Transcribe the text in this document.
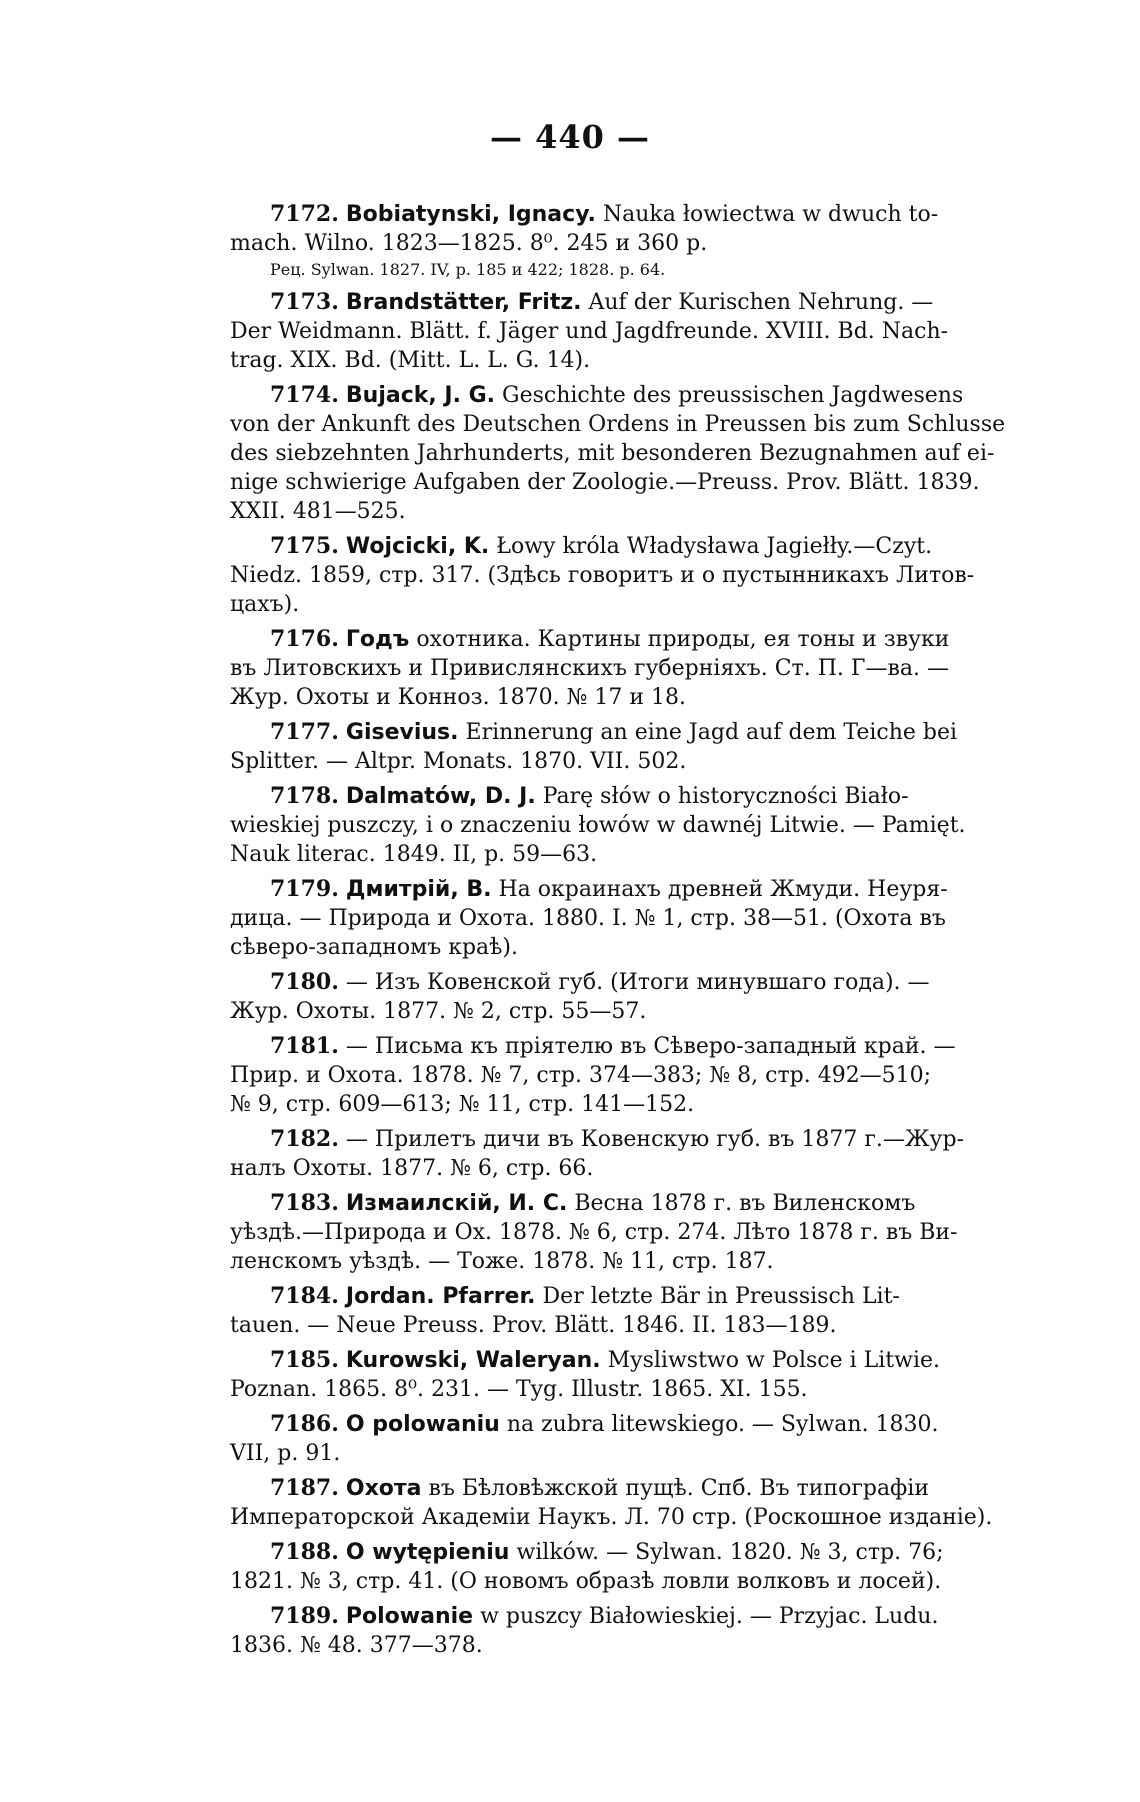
— 440 —
7172. Bobiatynski, Ignacy. Nauka łowiectwa w dwuch to-
mach. Wilno. 1823—1825. 8⁰. 245 и 360 р.
Рец. Sylwan. 1827. IV, р. 185 и 422; 1828. р. 64.
7173. Brandstätter, Fritz. Auf der Kurischen Nehrung. —
Der Weidmann. Blätt. f. Jäger und Jagdfreunde. XVIII. Bd. Nach-
trag. XIX. Bd. (Mitt. L. L. G. 14).
7174. Bujack, J. G. Geschichte des preussischen Jagdwesens
von der Ankunft des Deutschen Ordens in Preussen bis zum Schlusse
des siebzehnten Jahrhunderts, mit besonderen Bezugnahmen auf ei-
nige schwierige Aufgaben der Zoologie.—Preuss. Prov. Blätt. 1839.
XXII. 481—525.
7175. Wojcicki, K. Łowy króla Władysława Jagiełły.—Czyt.
Niedz. 1859, стр. 317. (Здѣсь говоритъ и о пустынникахъ Литов-
цахъ).
7176. Годъ охотника. Картины природы, ея тоны и звуки
въ Литовскихъ и Привислянскихъ губерніяхъ. Ст. П. Г—ва. —
Жур. Охоты и Коннoз. 1870. № 17 и 18.
7177. Gisevius. Erinnerung an eine Jagd auf dem Teiche bei
Splitter. — Altpr. Monats. 1870. VII. 502.
7178. Dalmatów, D. J. Parę słów o historyczności Biało-
wieskiej puszczy, i o znaczeniu łowów w dawnéj Litwie. — Pamięt.
Nauk literac. 1849. II, p. 59—63.
7179. Дмитрій, В. На окраинахъ древней Жмуди. Неуря-
дица. — Природа и Охота. 1880. I. № 1, стр. 38—51. (Охота въ
сѣверо-западномъ краѣ).
7180. — Изъ Ковенской губ. (Итоги минувшаго года). —
Жур. Охоты. 1877. № 2, стр. 55—57.
7181. — Письма къ пріятелю въ Сѣверо-западный край. —
Прир. и Охота. 1878. № 7, стр. 374—383; № 8, стр. 492—510;
№ 9, стр. 609—613; № 11, стр. 141—152.
7182. — Прилетъ дичи въ Ковенскую губ. въ 1877 г.—Жур-
налъ Охоты. 1877. № 6, стр. 66.
7183. Измаилскій, И. С. Весна 1878 г. въ Виленскомъ
уѣздѣ.—Природа и Ох. 1878. № 6, стр. 274. Лѣто 1878 г. въ Ви-
ленскомъ уѣздѣ. — Тоже. 1878. № 11, стр. 187.
7184. Jordan. Pfarrer. Der letzte Bär in Preussisch Lit-
tauen. — Neue Preuss. Prov. Blätt. 1846. II. 183—189.
7185. Kurowski, Waleryan. Mysliwstwo w Polsce i Litwie.
Poznan. 1865. 8⁰. 231. — Tyg. Illustr. 1865. XI. 155.
7186. O polowaniu na zubra litewskiego. — Sylwan. 1830.
VII, p. 91.
7187. Охота въ Бѣловѣжской пущѣ. Спб. Въ типографіи
Императорской Академіи Наукъ. Л. 70 стр. (Роскошное изданіе).
7188. O wytępieniu wilków. — Sylwan. 1820. № 3, стр. 76;
1821. № 3, стр. 41. (О новомъ образѣ ловли волковъ и лосей).
7189. Polowanie w puszcy Białowieskiej. — Przyjac. Ludu.
1836. № 48. 377—378.
